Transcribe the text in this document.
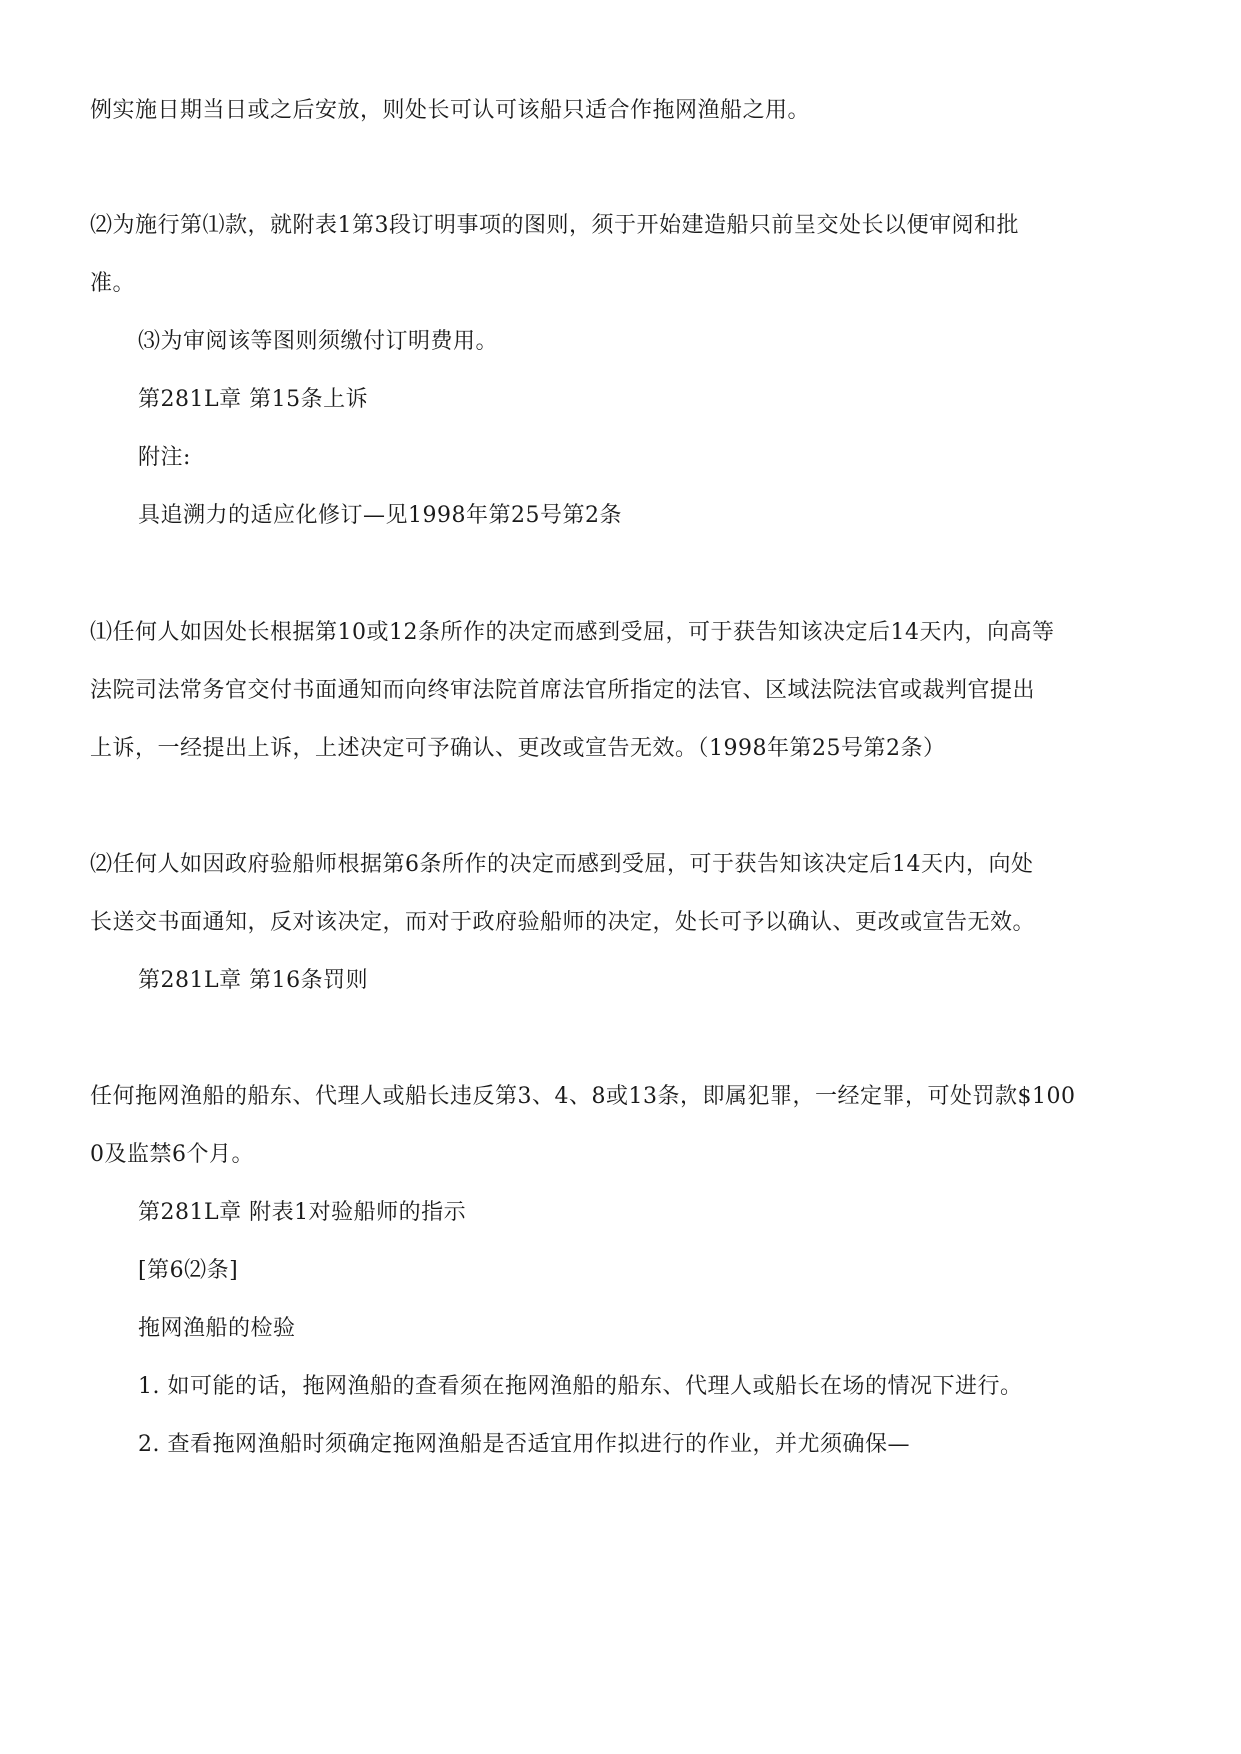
例实施日期当日或之后安放，则处长可认可该船只适合作拖网渔船之用。
⑵为施行第⑴款，就附表1第3段订明事项的图则，须于开始建造船只前呈交处长以便审阅和批
准。
⑶为审阅该等图则须缴付订明费用。
第281L章 第15条上诉
附注:
具追溯力的适应化修订—见1998年第25号第2条
⑴任何人如因处长根据第10或12条所作的决定而感到受屈，可于获告知该决定后14天内，向高等
法院司法常务官交付书面通知而向终审法院首席法官所指定的法官、区域法院法官或裁判官提出
上诉，一经提出上诉，上述决定可予确认、更改或宣告无效。（1998年第25号第2条）
⑵任何人如因政府验船师根据第6条所作的决定而感到受屈，可于获告知该决定后14天内，向处
长送交书面通知，反对该决定，而对于政府验船师的决定，处长可予以确认、更改或宣告无效。
第281L章 第16条罚则
任何拖网渔船的船东、代理人或船长违反第3、4、8或13条，即属犯罪，一经定罪，可处罚款$100
0及监禁6个月。
第281L章 附表1对验船师的指示
[第6⑵条]
拖网渔船的检验
1. 如可能的话，拖网渔船的查看须在拖网渔船的船东、代理人或船长在场的情况下进行。
2. 查看拖网渔船时须确定拖网渔船是否适宜用作拟进行的作业，并尤须确保—
